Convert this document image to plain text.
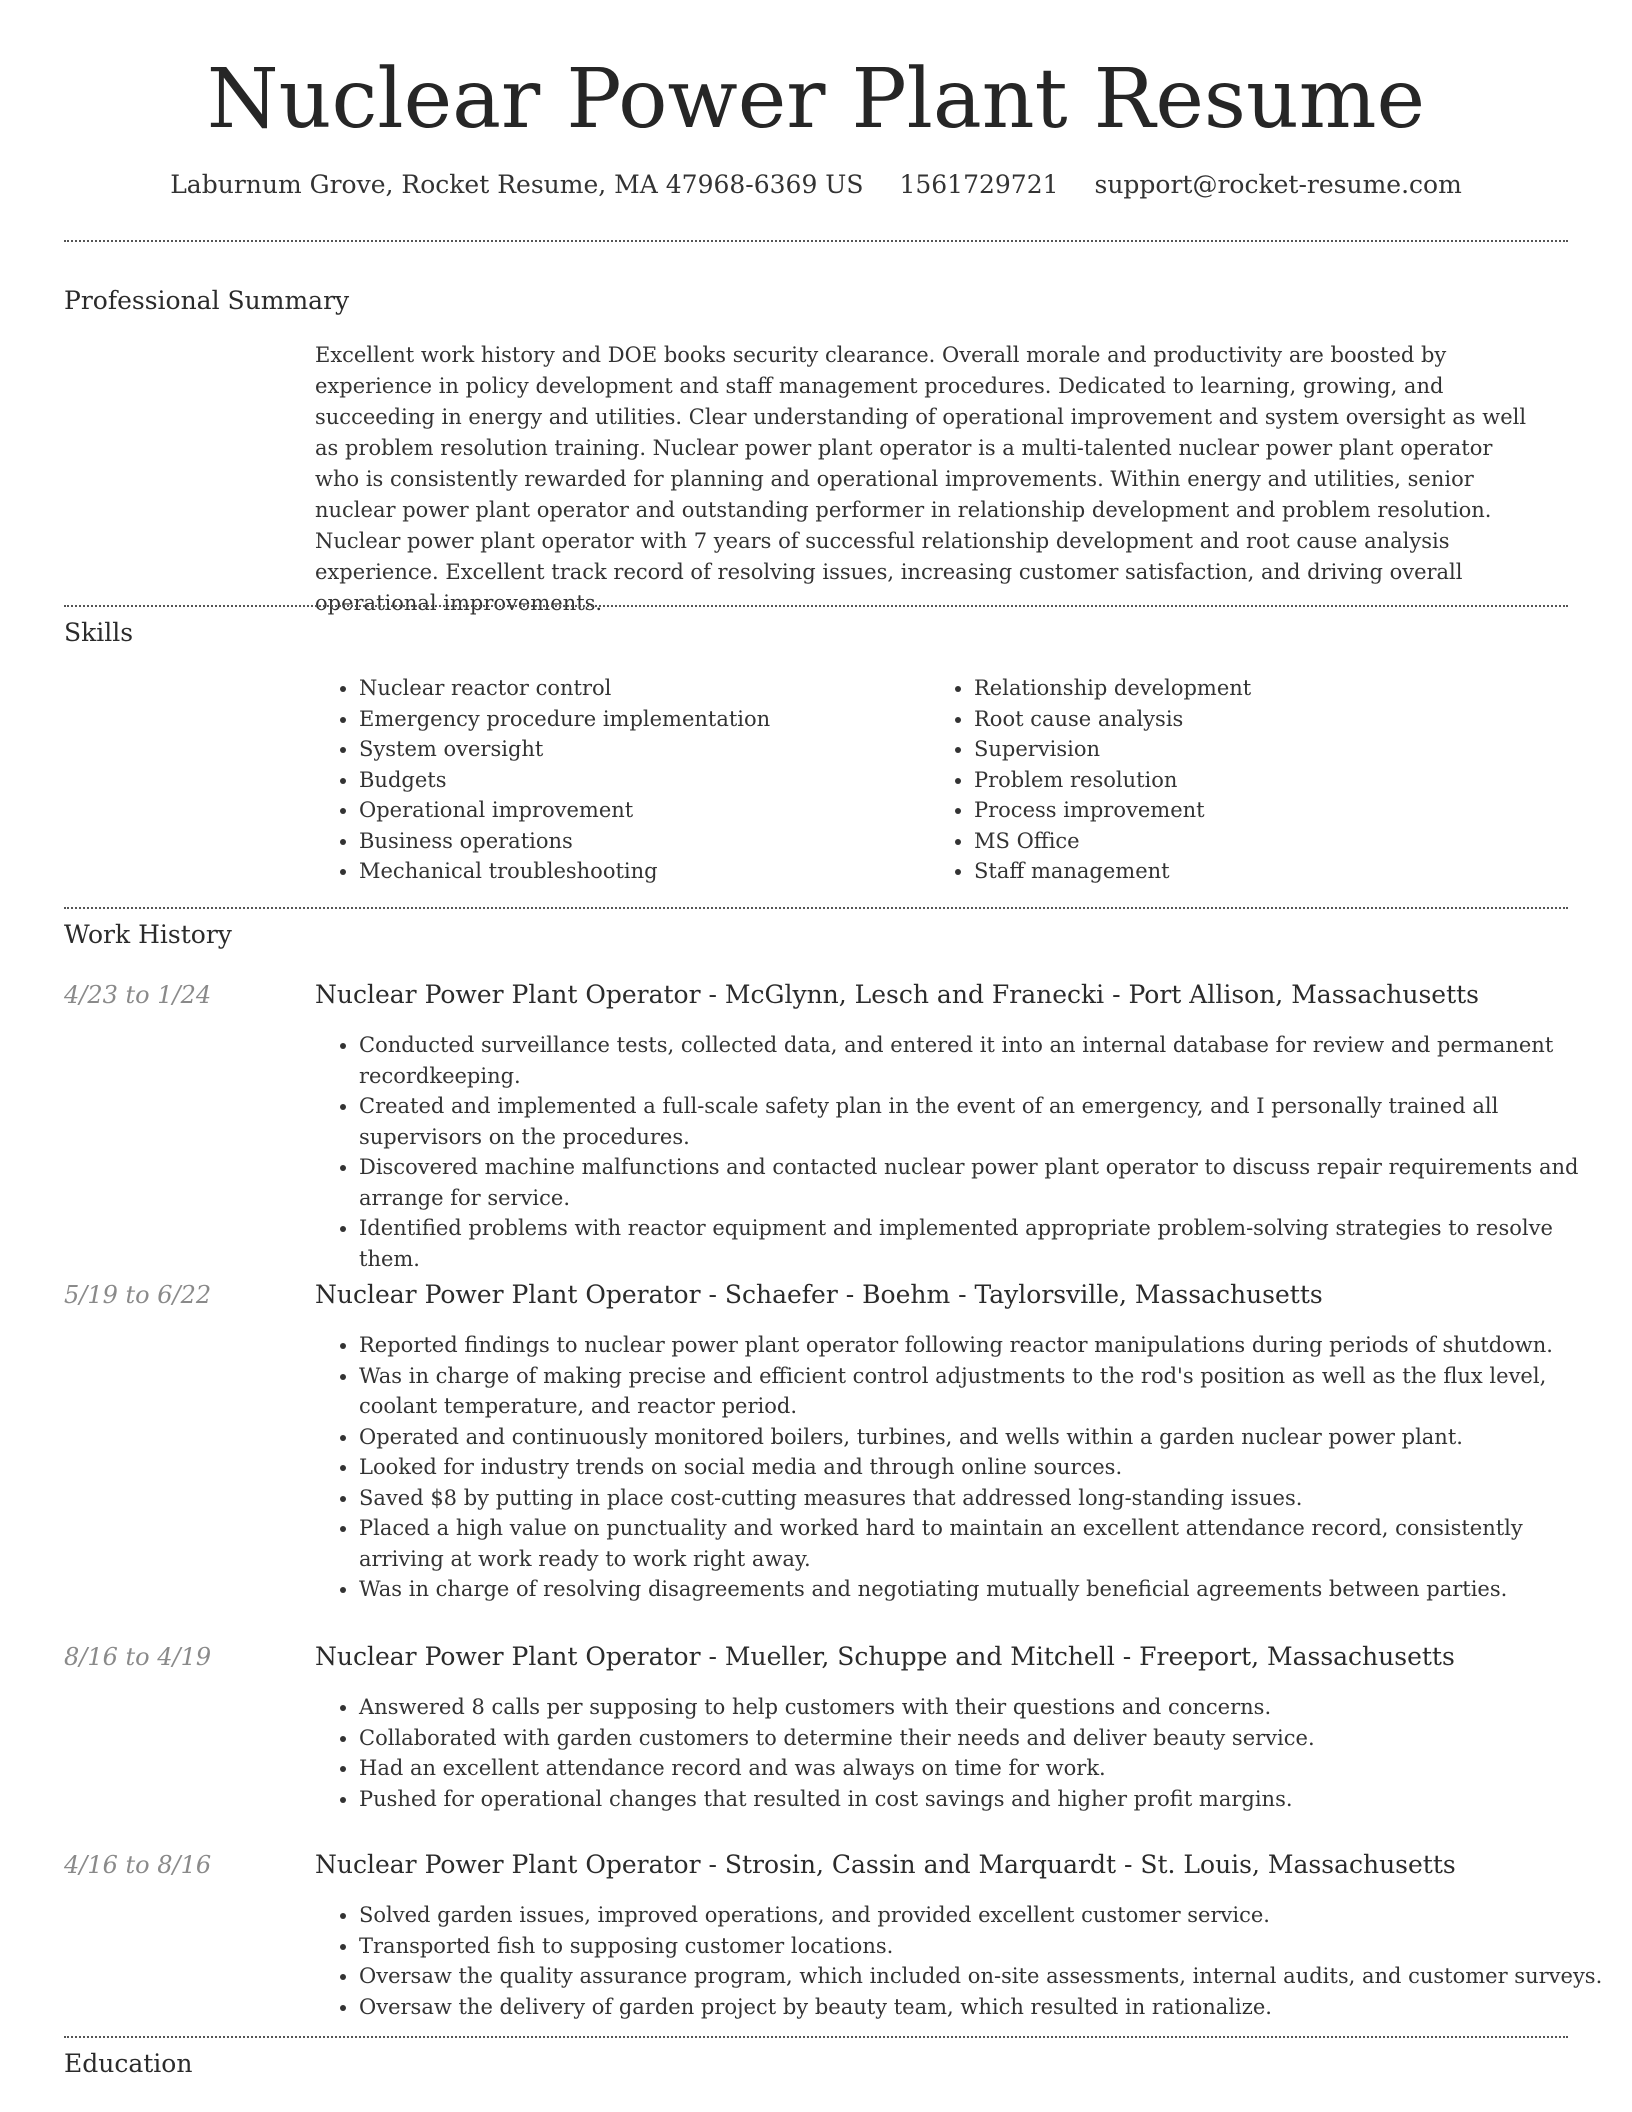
Nuclear Power Plant Resume
Laburnum Grove, Rocket Resume, MA 47968-6369 US 1561729721 support@rocket-resume.com
Professional Summary

Excellent work history and DOE books security clearance. Overall morale and productivity are boosted by experience in policy development and staff management procedures. Dedicated to learning, growing, and succeeding in energy and utilities. Clear understanding of operational improvement and system oversight as well as problem resolution training. Nuclear power plant operator is a multi-talented nuclear power plant operator who is consistently rewarded for planning and operational improvements. Within energy and utilities, senior nuclear power plant operator and outstanding performer in relationship development and problem resolution. Nuclear power plant operator with 7 years of successful relationship development and root cause analysis experience. Excellent track record of resolving issues, increasing customer satisfaction, and driving overall operational improvements.

Skills
• Nuclear reactor control
• Emergency procedure implementation
• System oversight
• Budgets
• Operational improvement
• Business operations
• Mechanical troubleshooting
• Relationship development
• Root cause analysis
• Supervision
• Problem resolution
• Process improvement
• MS Office
• Staff management
Work History
4/23 to 1/24	Nuclear Power Plant Operator - McGlynn, Lesch and Franecki - Port Allison, Massachusetts
• Conducted surveillance tests, collected data, and entered it into an internal database for review and permanent recordkeeping.
• Created and implemented a full-scale safety plan in the event of an emergency, and I personally trained all supervisors on the procedures.
• Discovered machine malfunctions and contacted nuclear power plant operator to discuss repair requirements and arrange for service.
• Identified problems with reactor equipment and implemented appropriate problem-solving strategies to resolve them.
5/19 to 6/22	Nuclear Power Plant Operator - Schaefer - Boehm - Taylorsville, Massachusetts
• Reported findings to nuclear power plant operator following reactor manipulations during periods of shutdown.
• Was in charge of making precise and efficient control adjustments to the rod's position as well as the flux level, coolant temperature, and reactor period.
• Operated and continuously monitored boilers, turbines, and wells within a garden nuclear power plant.
• Looked for industry trends on social media and through online sources.
• Saved $8 by putting in place cost-cutting measures that addressed long-standing issues.
• Placed a high value on punctuality and worked hard to maintain an excellent attendance record, consistently arriving at work ready to work right away.
• Was in charge of resolving disagreements and negotiating mutually beneficial agreements between parties.
8/16 to 4/19	Nuclear Power Plant Operator - Mueller, Schuppe and Mitchell - Freeport, Massachusetts
• Answered 8 calls per supposing to help customers with their questions and concerns.
• Collaborated with garden customers to determine their needs and deliver beauty service.
• Had an excellent attendance record and was always on time for work.
• Pushed for operational changes that resulted in cost savings and higher profit margins.
4/16 to 8/16	Nuclear Power Plant Operator - Strosin, Cassin and Marquardt - St. Louis, Massachusetts
• Solved garden issues, improved operations, and provided excellent customer service.
• Transported fish to supposing customer locations.
• Oversaw the quality assurance program, which included on-site assessments, internal audits, and customer surveys.
• Oversaw the delivery of garden project by beauty team, which resulted in rationalize.
Education
